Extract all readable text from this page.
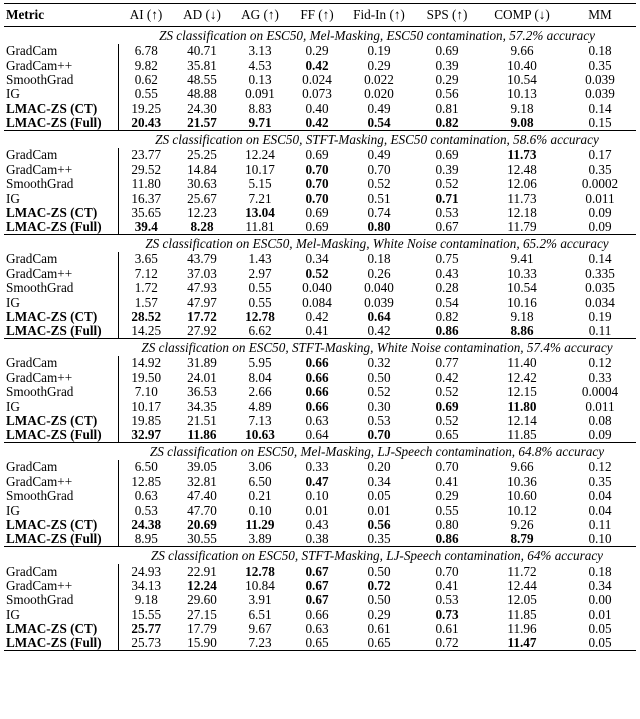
Metric	AI (↑)	AD (↓)	AG (↑)	FF (↑)	Fid-In (↑)	SPS (↑)	COMP (↓)	MM
ZS classification on ESC50, Mel-Masking, ESC50 contamination, 57.2% accuracy								
GradCam	6.78	40.71	3.13	0.29	0.19	0.69	9.66	0.18
GradCam++	9.82	35.81	4.53	0.42	0.29	0.39	10.40	0.35
SmoothGrad	0.62	48.55	0.13	0.024	0.022	0.29	10.54	0.039
IG	0.55	48.88	0.091	0.073	0.020	0.56	10.13	0.039
LMAC-ZS (CT)	19.25	24.30	8.83	0.40	0.49	0.81	9.18	0.14
LMAC-ZS (Full)	20.43	21.57	9.71	0.42	0.54	0.82	9.08	0.15
ZS classification on ESC50, STFT-Masking, ESC50 contamination, 58.6% accuracy								
GradCam	23.77	25.25	12.24	0.69	0.49	0.69	11.73	0.17
GradCam++	29.52	14.84	10.17	0.70	0.70	0.39	12.48	0.35
SmoothGrad	11.80	30.63	5.15	0.70	0.52	0.52	12.06	0.0002
IG	16.37	25.67	7.21	0.70	0.51	0.71	11.73	0.011
LMAC-ZS (CT)	35.65	12.23	13.04	0.69	0.74	0.53	12.18	0.09
LMAC-ZS (Full)	39.4	8.28	11.81	0.69	0.80	0.67	11.79	0.09
ZS classification on ESC50, Mel-Masking, White Noise contamination, 65.2% accuracy								
GradCam	3.65	43.79	1.43	0.34	0.18	0.75	9.41	0.14
GradCam++	7.12	37.03	2.97	0.52	0.26	0.43	10.33	0.335
SmoothGrad	1.72	47.93	0.55	0.040	0.040	0.28	10.54	0.035
IG	1.57	47.97	0.55	0.084	0.039	0.54	10.16	0.034
LMAC-ZS (CT)	28.52	17.72	12.78	0.42	0.64	0.82	9.18	0.19
LMAC-ZS (Full)	14.25	27.92	6.62	0.41	0.42	0.86	8.86	0.11
ZS classification on ESC50, STFT-Masking, White Noise contamination, 57.4% accuracy								
GradCam	14.92	31.89	5.95	0.66	0.32	0.77	11.40	0.12
GradCam++	19.50	24.01	8.04	0.66	0.50	0.42	12.42	0.33
SmoothGrad	7.10	36.53	2.66	0.66	0.52	0.52	12.15	0.0004
IG	10.17	34.35	4.89	0.66	0.30	0.69	11.80	0.011
LMAC-ZS (CT)	19.85	21.51	7.13	0.63	0.53	0.52	12.14	0.08
LMAC-ZS (Full)	32.97	11.86	10.63	0.64	0.70	0.65	11.85	0.09
ZS classification on ESC50, Mel-Masking, LJ-Speech contamination, 64.8% accuracy								
GradCam	6.50	39.05	3.06	0.33	0.20	0.70	9.66	0.12
GradCam++	12.85	32.81	6.50	0.47	0.34	0.41	10.36	0.35
SmoothGrad	0.63	47.40	0.21	0.10	0.05	0.29	10.60	0.04
IG	0.53	47.70	0.10	0.01	0.01	0.55	10.12	0.04
LMAC-ZS (CT)	24.38	20.69	11.29	0.43	0.56	0.80	9.26	0.11
LMAC-ZS (Full)	8.95	30.55	3.89	0.38	0.35	0.86	8.79	0.10
ZS classification on ESC50, STFT-Masking, LJ-Speech contamination, 64% accuracy								
GradCam	24.93	22.91	12.78	0.67	0.50	0.70	11.72	0.18
GradCam++	34.13	12.24	10.84	0.67	0.72	0.41	12.44	0.34
SmoothGrad	9.18	29.60	3.91	0.67	0.50	0.53	12.05	0.00
IG	15.55	27.15	6.51	0.66	0.29	0.73	11.85	0.01
LMAC-ZS (CT)	25.77	17.79	9.67	0.63	0.61	0.61	11.96	0.05
LMAC-ZS (Full)	25.73	15.90	7.23	0.65	0.65	0.72	11.47	0.05
